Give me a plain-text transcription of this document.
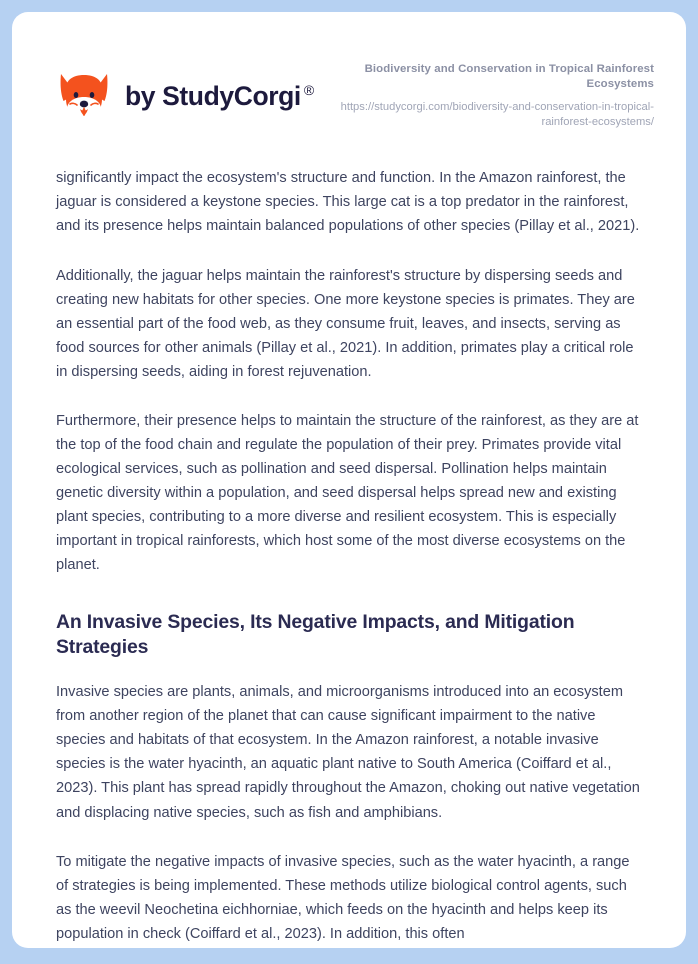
by StudyCorgi ®

Biodiversity and Conservation in Tropical Rainforest Ecosystems

https://studycorgi.com/biodiversity-and-conservation-in-tropical-rainforest-ecosystems/

significantly impact the ecosystem's structure and function. In the Amazon rainforest, the jaguar is considered a keystone species. This large cat is a top predator in the rainforest, and its presence helps maintain balanced populations of other species (Pillay et al., 2021).

Additionally, the jaguar helps maintain the rainforest's structure by dispersing seeds and creating new habitats for other species. One more keystone species is primates. They are an essential part of the food web, as they consume fruit, leaves, and insects, serving as food sources for other animals (Pillay et al., 2021). In addition, primates play a critical role in dispersing seeds, aiding in forest rejuvenation.

Furthermore, their presence helps to maintain the structure of the rainforest, as they are at the top of the food chain and regulate the population of their prey. Primates provide vital ecological services, such as pollination and seed dispersal. Pollination helps maintain genetic diversity within a population, and seed dispersal helps spread new and existing plant species, contributing to a more diverse and resilient ecosystem. This is especially important in tropical rainforests, which host some of the most diverse ecosystems on the planet.

An Invasive Species, Its Negative Impacts, and Mitigation Strategies

Invasive species are plants, animals, and microorganisms introduced into an ecosystem from another region of the planet that can cause significant impairment to the native species and habitats of that ecosystem. In the Amazon rainforest, a notable invasive species is the water hyacinth, an aquatic plant native to South America (Coiffard et al., 2023). This plant has spread rapidly throughout the Amazon, choking out native vegetation and displacing native species, such as fish and amphibians.

To mitigate the negative impacts of invasive species, such as the water hyacinth, a range of strategies is being implemented. These methods utilize biological control agents, such as the weevil Neochetina eichhorniae, which feeds on the hyacinth and helps keep its population in check (Coiffard et al., 2023). In addition, this often
